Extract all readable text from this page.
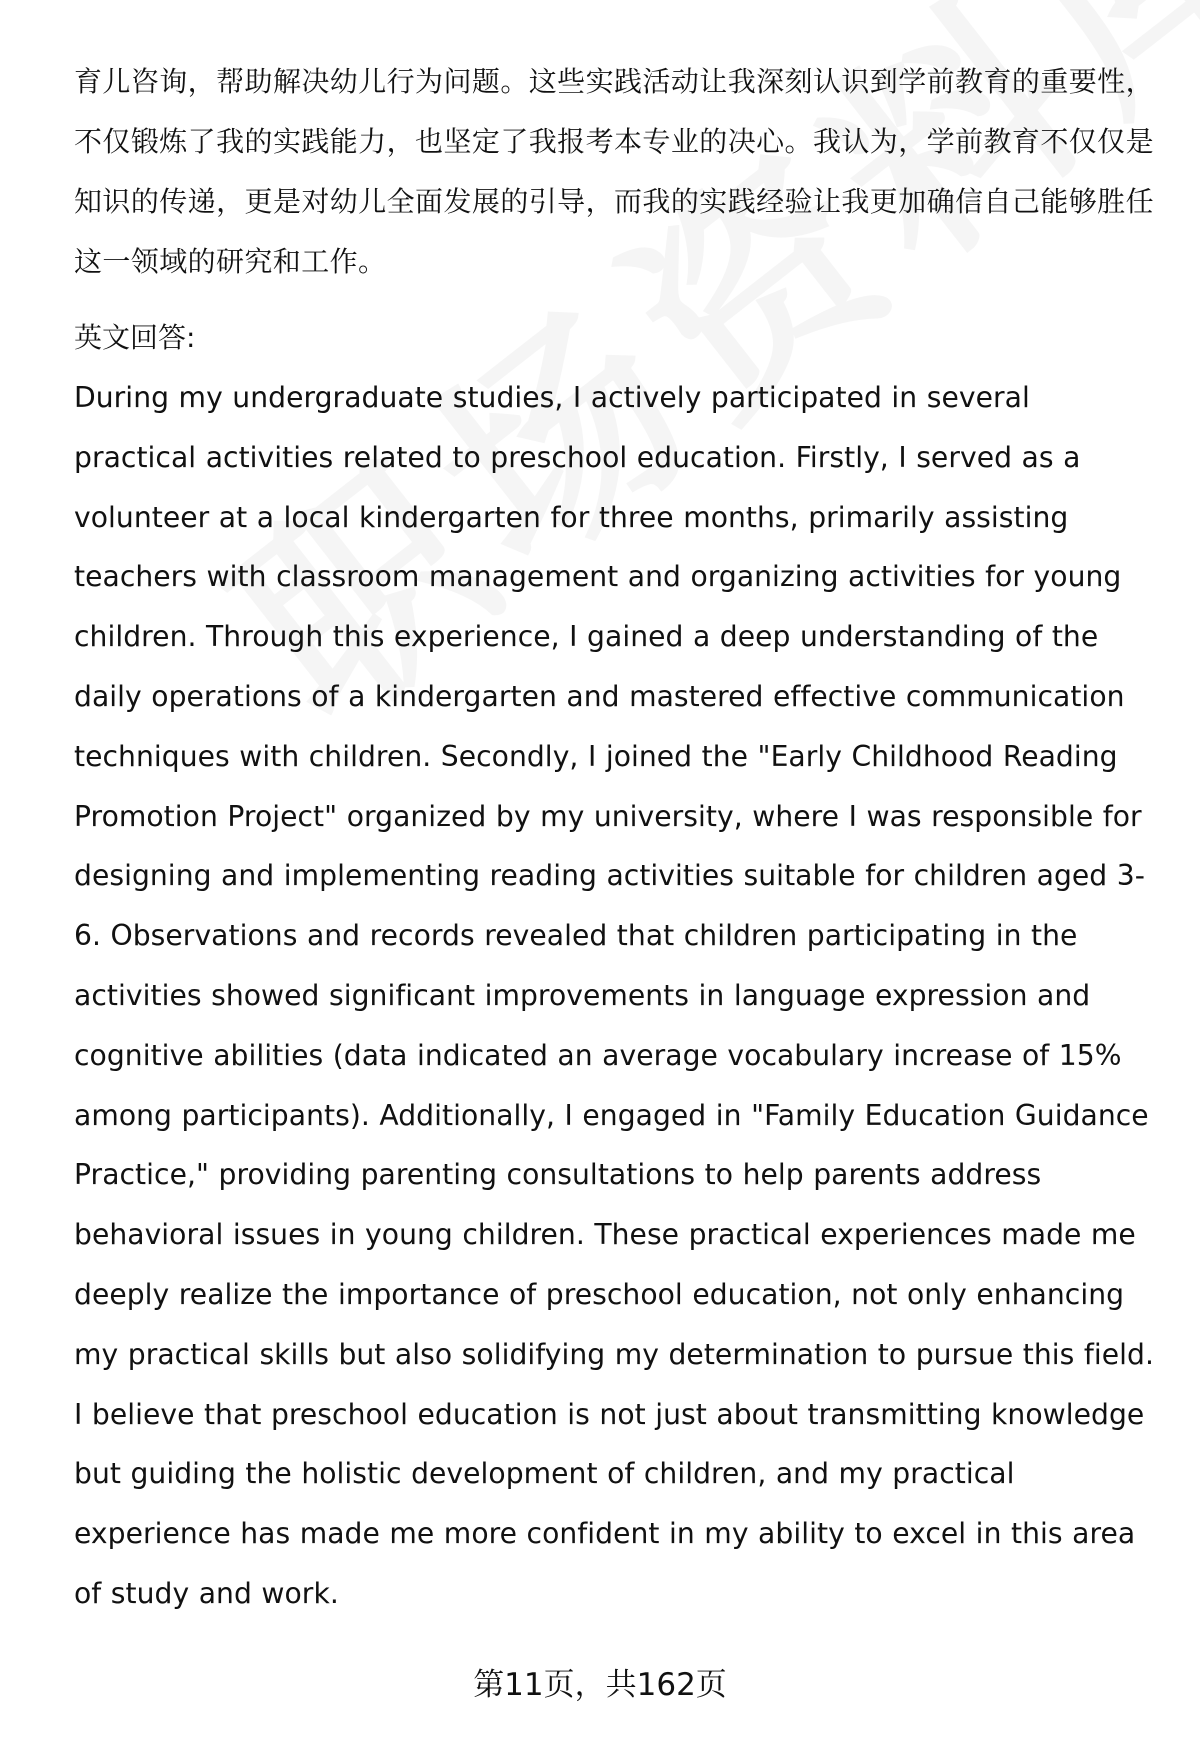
育儿咨询，帮助解决幼儿行为问题。这些实践活动让我深刻认识到学前教育的重要性，不仅锻炼了我的实践能力，也坚定了我报考本专业的决心。我认为，学前教育不仅仅是知识的传递，更是对幼儿全面发展的引导，而我的实践经验让我更加确信自己能够胜任这一领域的研究和工作。

英文回答:

During my undergraduate studies, I actively participated in several practical activities related to preschool education. Firstly, I served as a volunteer at a local kindergarten for three months, primarily assisting teachers with classroom management and organizing activities for young children. Through this experience, I gained a deep understanding of the daily operations of a kindergarten and mastered effective communication techniques with children. Secondly, I joined the "Early Childhood Reading Promotion Project" organized by my university, where I was responsible for designing and implementing reading activities suitable for children aged 3-6. Observations and records revealed that children participating in the activities showed significant improvements in language expression and cognitive abilities (data indicated an average vocabulary increase of 15% among participants). Additionally, I engaged in "Family Education Guidance Practice," providing parenting consultations to help parents address behavioral issues in young children. These practical experiences made me deeply realize the importance of preschool education, not only enhancing my practical skills but also solidifying my determination to pursue this field. I believe that preschool education is not just about transmitting knowledge but guiding the holistic development of children, and my practical experience has made me more confident in my ability to excel in this area of study and work.

第11页，共162页
